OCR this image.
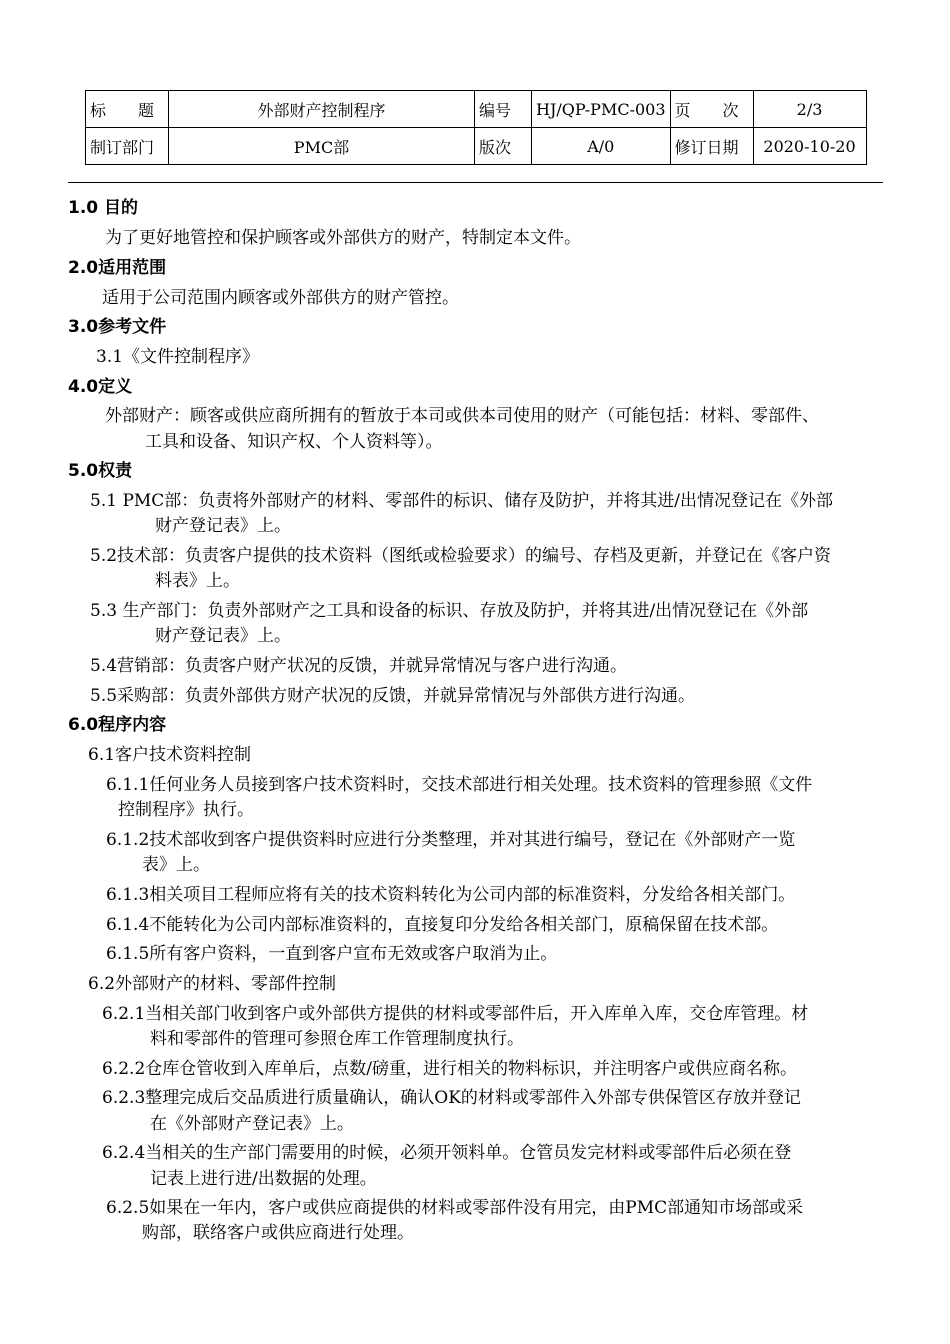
标　　题	外部财产控制程序	编号	HJ/QP-PMC-003	页　　次	2/3
制订部门	PMC部	版次	A/0	修订日期	2020-10-20
1.0 目的
为了更好地管控和保护顾客或外部供方的财产，特制定本文件。
2.0适用范围
适用于公司范围内顾客或外部供方的财产管控。
3.0参考文件
3.1《文件控制程序》
4.0定义
外部财产：顾客或供应商所拥有的暂放于本司或供本司使用的财产（可能包括：材料、零部件、
工具和设备、知识产权、个人资料等）。
5.0权责
5.1 PMC部：负责将外部财产的材料、零部件的标识、储存及防护，并将其进/出情况登记在《外部
财产登记表》上。
5.2技术部：负责客户提供的技术资料（图纸或检验要求）的编号、存档及更新，并登记在《客户资
料表》上。
5.3 生产部门：负责外部财产之工具和设备的标识、存放及防护，并将其进/出情况登记在《外部
财产登记表》上。
5.4营销部：负责客户财产状况的反馈，并就异常情况与客户进行沟通。
5.5采购部：负责外部供方财产状况的反馈，并就异常情况与外部供方进行沟通。
6.0程序内容
6.1客户技术资料控制
6.1.1任何业务人员接到客户技术资料时，交技术部进行相关处理。技术资料的管理参照《文件
控制程序》执行。
6.1.2技术部收到客户提供资料时应进行分类整理，并对其进行编号，登记在《外部财产一览
表》上。
6.1.3相关项目工程师应将有关的技术资料转化为公司内部的标准资料，分发给各相关部门。
6.1.4不能转化为公司内部标准资料的，直接复印分发给各相关部门，原稿保留在技术部。
6.1.5所有客户资料，一直到客户宣布无效或客户取消为止。
6.2外部财产的材料、零部件控制
6.2.1当相关部门收到客户或外部供方提供的材料或零部件后，开入库单入库，交仓库管理。材
料和零部件的管理可参照仓库工作管理制度执行。
6.2.2仓库仓管收到入库单后，点数/磅重，进行相关的物料标识，并注明客户或供应商名称。
6.2.3整理完成后交品质进行质量确认，确认OK的材料或零部件入外部专供保管区存放并登记
在《外部财产登记表》上。
6.2.4当相关的生产部门需要用的时候，必须开领料单。仓管员发完材料或零部件后必须在登
记表上进行进/出数据的处理。
6.2.5如果在一年内，客户或供应商提供的材料或零部件没有用完，由PMC部通知市场部或采
购部，联络客户或供应商进行处理。
